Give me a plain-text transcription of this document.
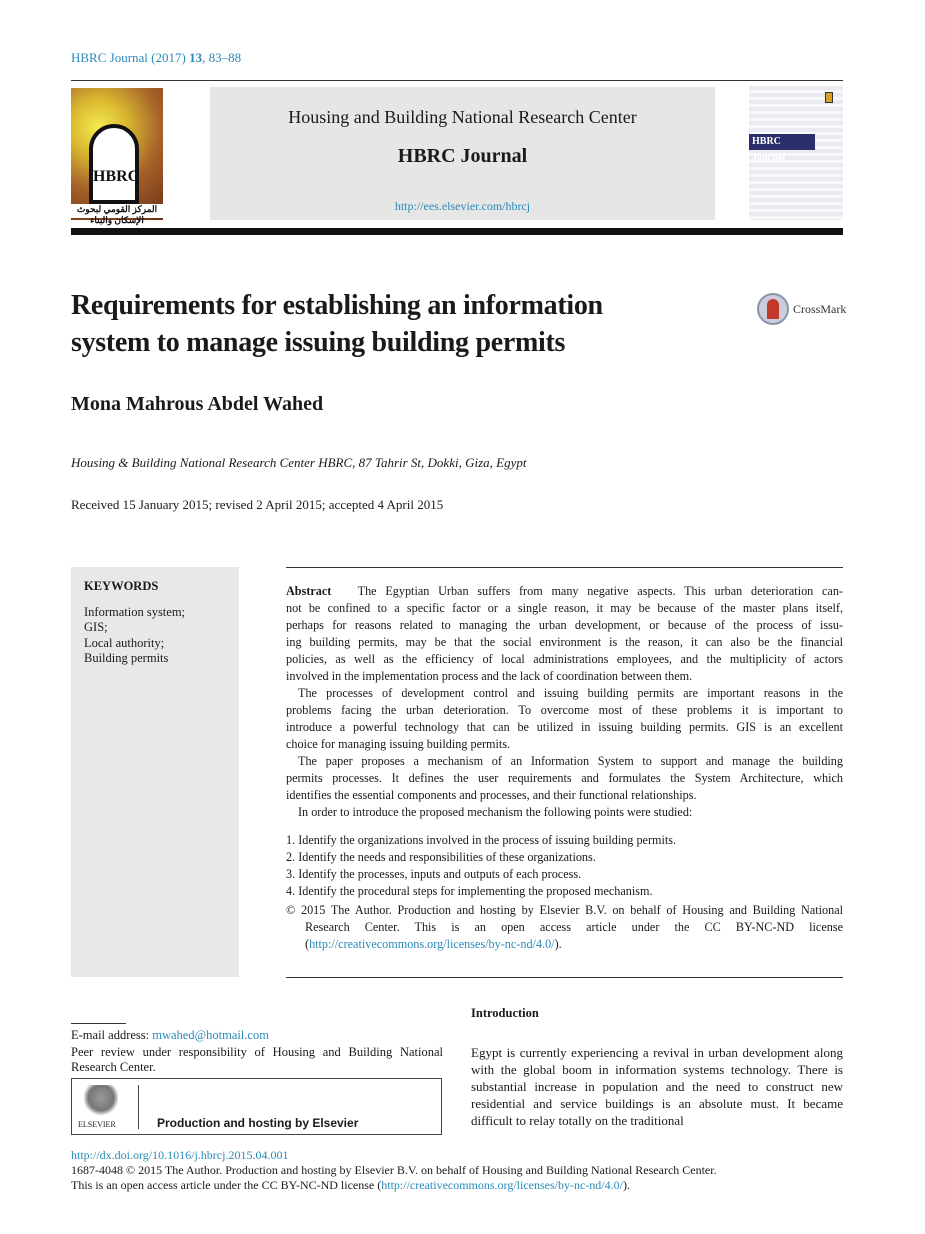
HBRC Journal (2017) 13, 83–88
HBRC
المركز القومي لبحوث الإسكان والبناء
Housing and Building National Research Center
HBRC Journal
http://ees.elsevier.com/hbrcj
HBRC Journal
Requirements for establishing an information
system to manage issuing building permits
CrossMark
Mona Mahrous Abdel Wahed
Housing & Building National Research Center HBRC, 87 Tahrir St, Dokki, Giza, Egypt
Received 15 January 2015; revised 2 April 2015; accepted 4 April 2015
KEYWORDS
Information system;
GIS;
Local authority;
Building permits
Abstract The Egyptian Urban suffers from many negative aspects. This urban deterioration can-
not be confined to a specific factor or a single reason, it may be because of the master plans itself,
perhaps for reasons related to managing the urban development, or because of the process of issu-
ing building permits, may be that the social environment is the reason, it can also be the financial
policies, as well as the efficiency of local administrations employees, and the multiplicity of actors
involved in the implementation process and the lack of coordination between them.
The processes of development control and issuing building permits are important reasons in the
problems facing the urban deterioration. To overcome most of these problems it is important to
introduce a powerful technology that can be utilized in issuing building permits. GIS is an excellent
choice for managing issuing building permits.
The paper proposes a mechanism of an Information System to support and manage the building
permits processes. It defines the user requirements and formulates the System Architecture, which
identifies the essential components and processes, and their functional relationships.
In order to introduce the proposed mechanism the following points were studied:
1. Identify the organizations involved in the process of issuing building permits.
2. Identify the needs and responsibilities of these organizations.
3. Identify the processes, inputs and outputs of each process.
4. Identify the procedural steps for implementing the proposed mechanism.
© 2015 The Author. Production and hosting by Elsevier B.V. on behalf of Housing and Building National Research Center. This is an open access article under the CC BY-NC-ND license (http://creativecommons.org/licenses/by-nc-nd/4.0/).
E-mail address: mwahed@hotmail.com
Peer review under responsibility of Housing and Building National Research Center.
ELSEVIER	Production and hosting by Elsevier
Introduction
Egypt is currently experiencing a revival in urban development along with the global boom in information systems technology. There is substantial increase in population and the need to construct new residential and service buildings is an absolute must. It became difficult to relay totally on the traditional
http://dx.doi.org/10.1016/j.hbrcj.2015.04.001
1687-4048 © 2015 The Author. Production and hosting by Elsevier B.V. on behalf of Housing and Building National Research Center.
This is an open access article under the CC BY-NC-ND license (http://creativecommons.org/licenses/by-nc-nd/4.0/).
